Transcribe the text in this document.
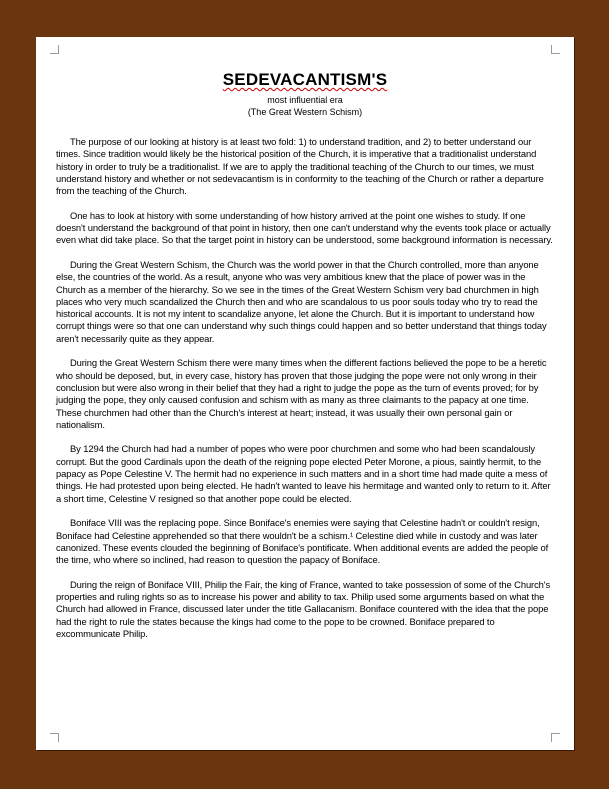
SEDEVACANTISM'S
most influential era
(The Great Western Schism)

The purpose of our looking at history is at least two fold: 1) to understand tradition, and 2) to better understand our times. Since tradition would likely be the historical position of the Church, it is imperative that a traditionalist understand history in order to truly be a traditionalist. If we are to apply the traditional teaching of the Church to our times, we must understand history and whether or not sedevacantism is in conformity to the teaching of the Church or rather a departure from the teaching of the Church.

One has to look at history with some understanding of how history arrived at the point one wishes to study. If one doesn't understand the background of that point in history, then one can't understand why the events took place or actually even what did take place. So that the target point in history can be understood, some background information is necessary.

During the Great Western Schism, the Church was the world power in that the Church controlled, more than anyone else, the countries of the world. As a result, anyone who was very ambitious knew that the place of power was in the Church as a member of the hierarchy. So we see in the times of the Great Western Schism very bad churchmen in high places who very much scandalized the Church then and who are scandalous to us poor souls today who try to read the historical accounts. It is not my intent to scandalize anyone, let alone the Church. But it is important to understand how corrupt things were so that one can understand why such things could happen and so better understand that things today aren't necessarily quite as they appear.

During the Great Western Schism there were many times when the different factions believed the pope to be a heretic who should be deposed, but, in every case, history has proven that those judging the pope were not only wrong in their conclusion but were also wrong in their belief that they had a right to judge the pope as the turn of events proved; for by judging the pope, they only caused confusion and schism with as many as three claimants to the papacy at one time. These churchmen had other than the Church's interest at heart; instead, it was usually their own personal gain or nationalism.

By 1294 the Church had had a number of popes who were poor churchmen and some who had been scandalously corrupt. But the good Cardinals upon the death of the reigning pope elected Peter Morone, a pious, saintly hermit, to the papacy as Pope Celestine V. The hermit had no experience in such matters and in a short time had made quite a mess of things. He had protested upon being elected. He hadn't wanted to leave his hermitage and wanted only to return to it. After a short time, Celestine V resigned so that another pope could be elected.

Boniface VIII was the replacing pope. Since Boniface's enemies were saying that Celestine hadn't or couldn't resign, Boniface had Celestine apprehended so that there wouldn't be a schism.¹ Celestine died while in custody and was later canonized. These events clouded the beginning of Boniface's pontificate. When additional events are added the people of the time, who where so inclined, had reason to question the papacy of Boniface.

During the reign of Boniface VIII, Philip the Fair, the king of France, wanted to take possession of some of the Church's properties and ruling rights so as to increase his power and ability to tax. Philip used some arguments based on what the Church had allowed in France, discussed later under the title Gallacanism. Boniface countered with the idea that the pope had the right to rule the states because the kings had come to the pope to be crowned. Boniface prepared to excommunicate Philip.
